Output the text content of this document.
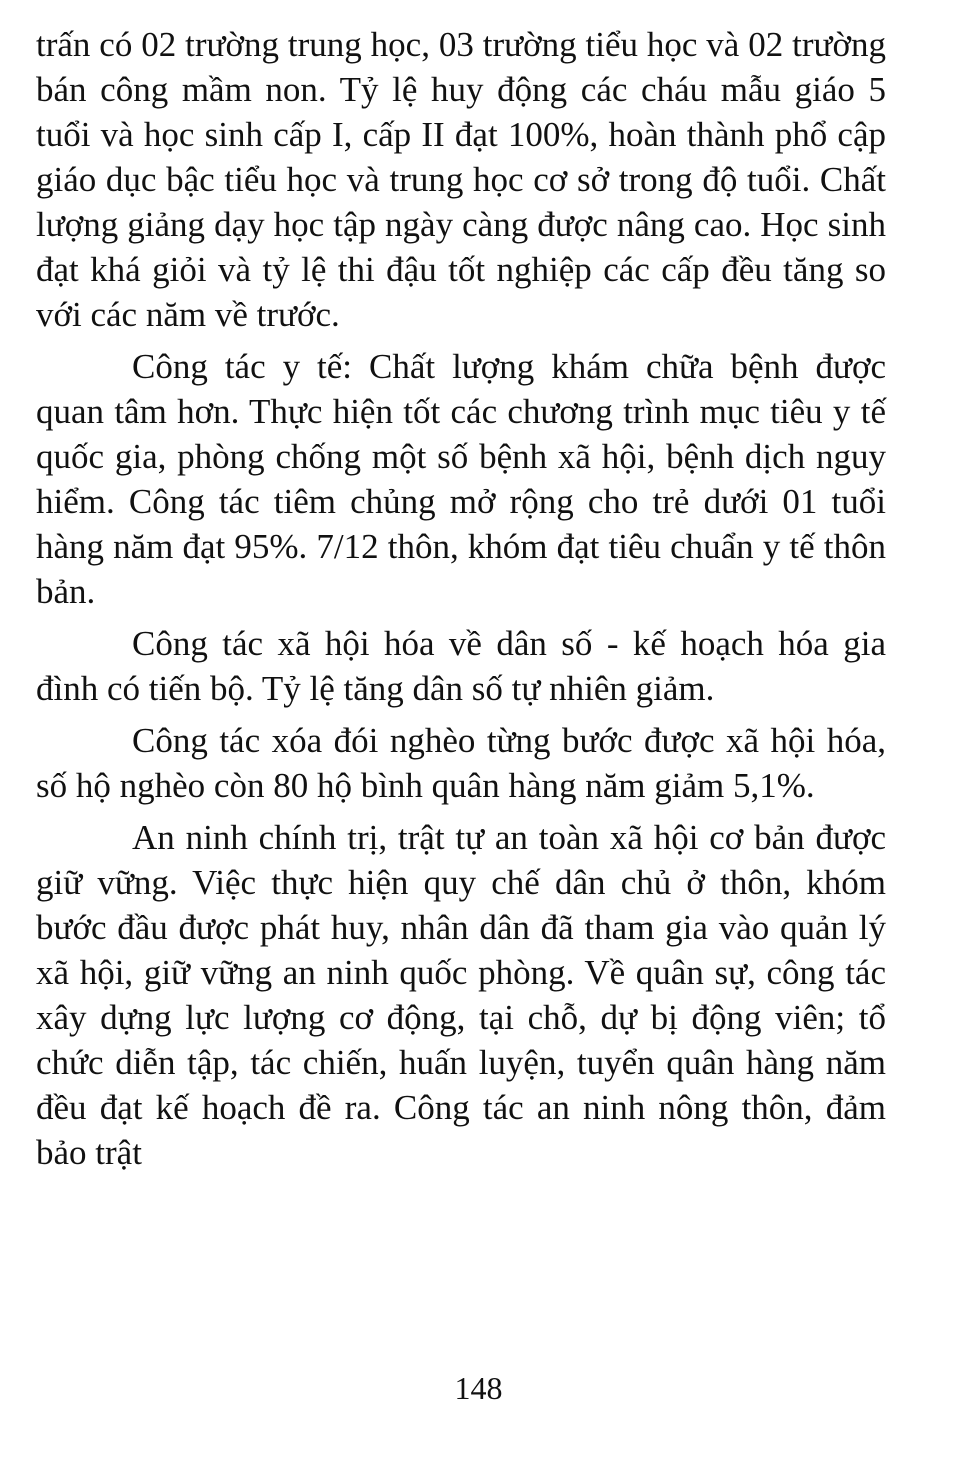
trấn có 02 trường trung học, 03 trường tiểu học và 02 trường bán công mầm non. Tỷ lệ huy động các cháu mẫu giáo 5 tuổi và học sinh cấp I, cấp II đạt 100%, hoàn thành phổ cập giáo dục bậc tiểu học và trung học cơ sở trong độ tuổi. Chất lượng giảng dạy học tập ngày càng được nâng cao. Học sinh đạt khá giỏi và tỷ lệ thi đậu tốt nghiệp các cấp đều tăng so với các năm về trước.

Công tác y tế: Chất lượng khám chữa bệnh được quan tâm hơn. Thực hiện tốt các chương trình mục tiêu y tế quốc gia, phòng chống một số bệnh xã hội, bệnh dịch nguy hiểm. Công tác tiêm chủng mở rộng cho trẻ dưới 01 tuổi hàng năm đạt 95%. 7/12 thôn, khóm đạt tiêu chuẩn y tế thôn bản.

Công tác xã hội hóa về dân số - kế hoạch hóa gia đình có tiến bộ. Tỷ lệ tăng dân số tự nhiên giảm.

Công tác xóa đói nghèo từng bước được xã hội hóa, số hộ nghèo còn 80 hộ bình quân hàng năm giảm 5,1%.

An ninh chính trị, trật tự an toàn xã hội cơ bản được giữ vững. Việc thực hiện quy chế dân chủ ở thôn, khóm bước đầu được phát huy, nhân dân đã tham gia vào quản lý xã hội, giữ vững an ninh quốc phòng. Về quân sự, công tác xây dựng lực lượng cơ động, tại chỗ, dự bị động viên; tổ chức diễn tập, tác chiến, huấn luyện, tuyển quân hàng năm đều đạt kế hoạch đề ra. Công tác an ninh nông thôn, đảm bảo trật

148
